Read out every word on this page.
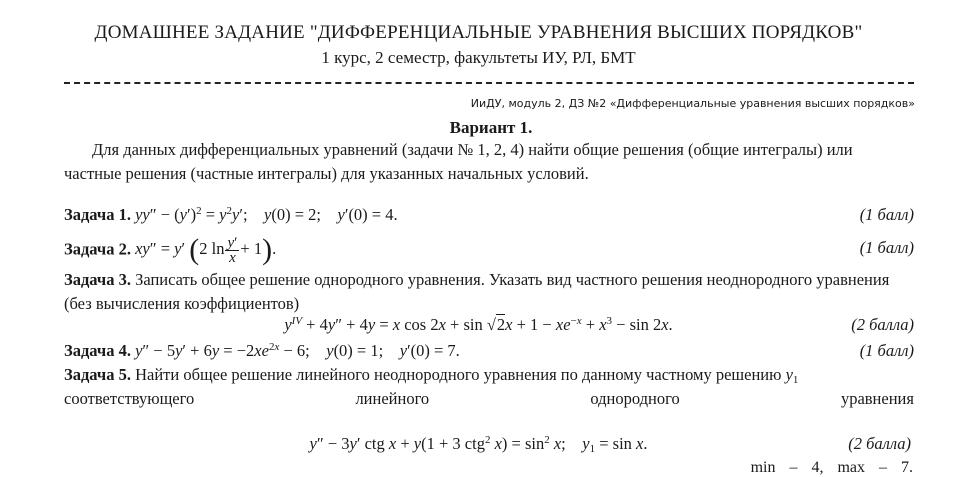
ДОМАШНЕЕ ЗАДАНИЕ "ДИФФЕРЕНЦИАЛЬНЫЕ УРАВНЕНИЯ ВЫСШИХ ПОРЯДКОВ"
1 курс, 2 семестр, факультеты ИУ, РЛ, БМТ
ИиДУ, модуль 2, ДЗ №2 «Дифференциальные уравнения высших порядков»
Вариант 1.
Для данных дифференциальных уравнений (задачи № 1, 2, 4) найти общие решения (общие интегралы) или частные решения (частные интегралы) для указанных начальных условий.
Задача 1. $yy'' - (y')^2 = y^2y'$;    y(0) = 2;    y′(0) = 4.	(1 балл)
Задача 2. xy″ = y′ (2 $\ln \frac{y'}{x} + 1$).	(1 балл)
Задача 3. Записать общее решение однородного уравнения. Указать вид частного решения неоднородного уравнения (без вычисления коэффициентов)
$y^{IV} + 4y'' + 4y = x$ $\cos 2x + \sin √2x + 1 - xe^{-x} + x^3 - \sin 2x$.	(2 балла)
Задача 4. $y'' - 5y' + 6y = -2xe^{2x} - 6$;    y(0) = 1;    y′(0) = 7.	(1 балл)
Задача 5. Найти общее решение линейного неоднородного уравнения по данному частному решению $y_1$
соответствующего	линейного	однородного	уравнения
y″ − 3y′ ctg x + y(1 + 3 ctg$^2$ $x) = \sin^2 x$;    $y_1 = \sin x$.	(2 балла)
min – 4, max – 7.
